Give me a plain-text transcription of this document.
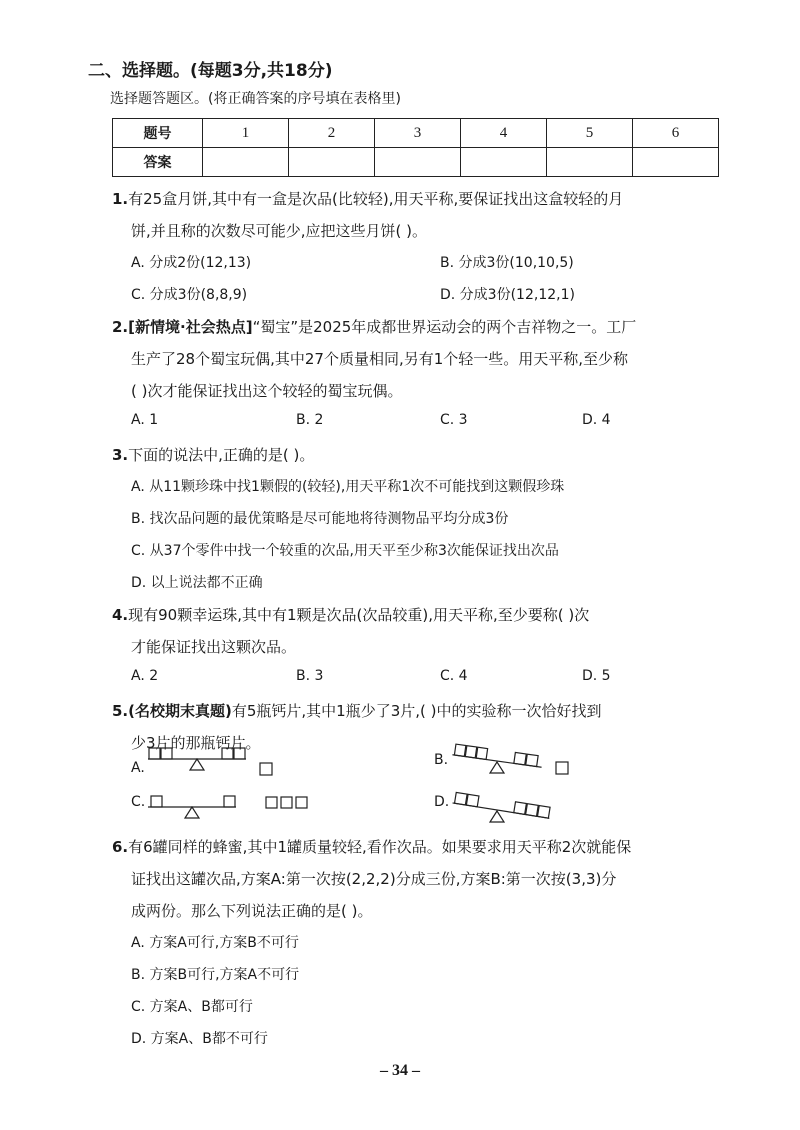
二、选择题。(每题3分,共18分)
选择题答题区。(将正确答案的序号填在表格里)
题号	1	2	3	4	5	6
答案						
1.有25盒月饼,其中有一盒是次品(比较轻),用天平称,要保证找出这盒较轻的月
饼,并且称的次数尽可能少,应把这些月饼( )。
A. 分成2份(12,13)	B. 分成3份(10,10,5)
C. 分成3份(8,8,9)	D. 分成3份(12,12,1)
2.[新情境·社会热点]“蜀宝”是2025年成都世界运动会的两个吉祥物之一。工厂
生产了28个蜀宝玩偶,其中27个质量相同,另有1个轻一些。用天平称,至少称
( )次才能保证找出这个较轻的蜀宝玩偶。
A. 1	B. 2	C. 3	D. 4
3.下面的说法中,正确的是( )。
A. 从11颗珍珠中找1颗假的(较轻),用天平称1次不可能找到这颗假珍珠
B. 找次品问题的最优策略是尽可能地将待测物品平均分成3份
C. 从37个零件中找一个较重的次品,用天平至少称3次能保证找出次品
D. 以上说法都不正确
4.现有90颗幸运珠,其中有1颗是次品(次品较重),用天平称,至少要称( )次
才能保证找出这颗次品。
A. 2	B. 3	C. 4	D. 5
5.(名校期末真题)有5瓶钙片,其中1瓶少了3片,( )中的实验称一次恰好找到
少3片的那瓶钙片。
A.	B.
C.	D.
6.有6罐同样的蜂蜜,其中1罐质量较轻,看作次品。如果要求用天平称2次就能保
证找出这罐次品,方案A:第一次按(2,2,2)分成三份,方案B:第一次按(3,3)分
成两份。那么下列说法正确的是( )。
A. 方案A可行,方案B不可行
B. 方案B可行,方案A不可行
C. 方案A、B都可行
D. 方案A、B都不可行
– 34 –
